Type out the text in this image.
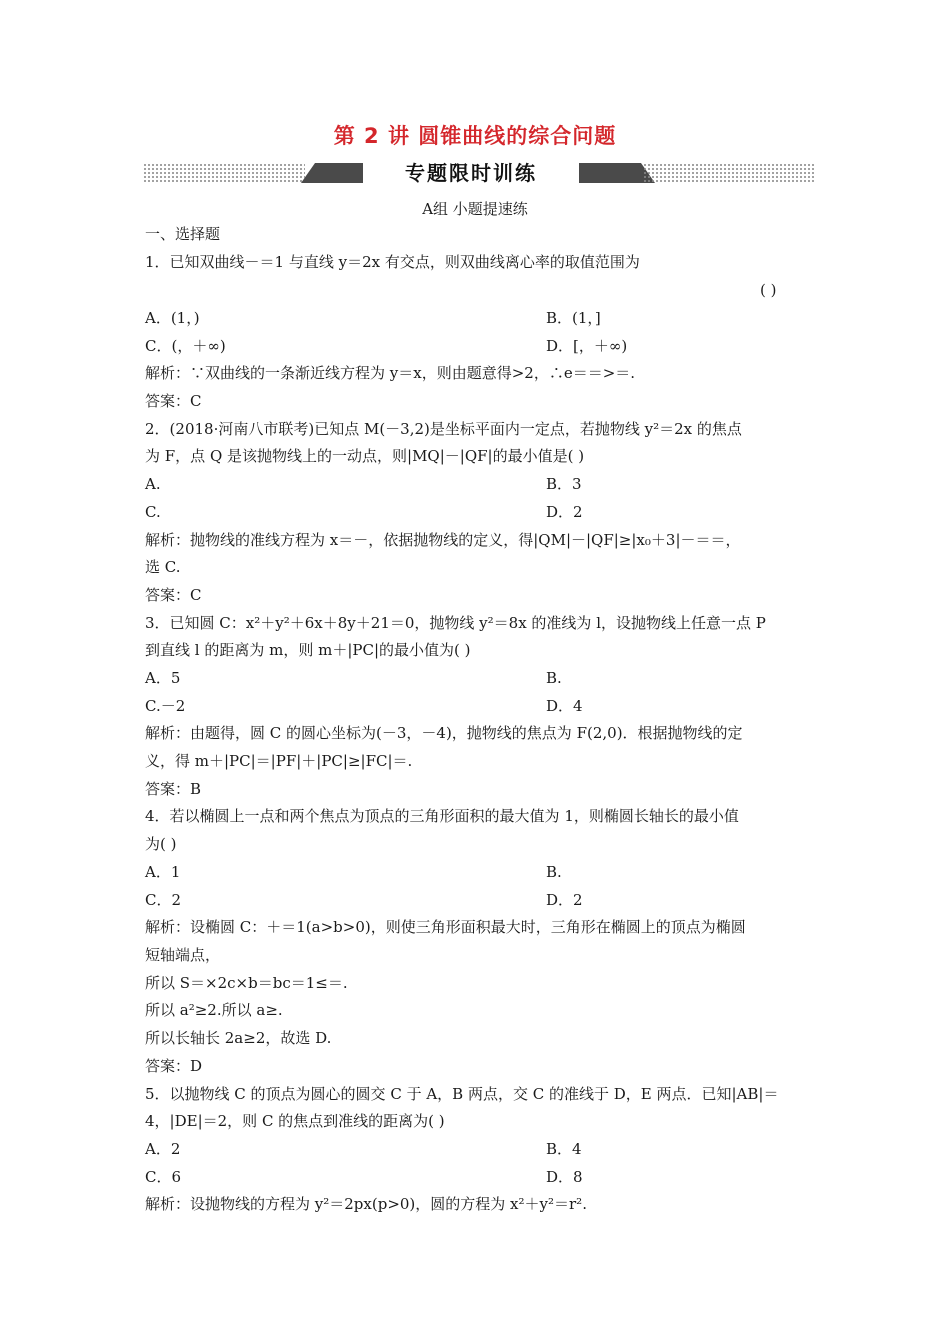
第 2 讲 圆锥曲线的综合问题
专题限时训练
A组 小题提速练
一、选择题
1．已知双曲线－＝1 与直线 y＝2x 有交点，则双曲线离心率的取值范围为
A．(1，)
C．(，＋∞)
解析：∵双曲线的一条渐近线方程为 y＝x，则由题意得>2，∴e＝＝>＝.
答案：C
2．(2018·河南八市联考)已知点 M(－3,2)是坐标平面内一定点，若抛物线 y²＝2x 的焦点
为 F，点 Q 是该抛物线上的一动点，则|MQ|－|QF|的最小值是( )
A.
C.
解析：抛物线的准线方程为 x＝－，依据抛物线的定义，得|QM|－|QF|≥|x₀＋3|－＝＝，
选 C.
答案：C
3．已知圆 C：x²＋y²＋6x＋8y＋21＝0，抛物线 y²＝8x 的准线为 l，设抛物线上任意一点 P
到直线 l 的距离为 m，则 m＋|PC|的最小值为( )
A．5
C.－2
解析：由题得，圆 C 的圆心坐标为(－3，－4)，抛物线的焦点为 F(2,0)．根据抛物线的定
义，得 m＋|PC|＝|PF|＋|PC|≥|FC|＝.
答案：B
4．若以椭圆上一点和两个焦点为顶点的三角形面积的最大值为 1，则椭圆长轴长的最小值
为( )
A．1
C．2
解析：设椭圆 C：＋＝1(a>b>0)，则使三角形面积最大时，三角形在椭圆上的顶点为椭圆
短轴端点，
所以 S＝×2c×b＝bc＝1≤＝.
所以 a²≥2.所以 a≥.
所以长轴长 2a≥2，故选 D.
答案：D
5．以抛物线 C 的顶点为圆心的圆交 C 于 A，B 两点，交 C 的准线于 D，E 两点．已知|AB|＝
4，|DE|＝2，则 C 的焦点到准线的距离为( )
A．2
C．6
解析：设抛物线的方程为 y²＝2px(p>0)，圆的方程为 x²＋y²＝r².
( )
B．(1，]
D．[，＋∞)
B．3
D．2
B.
D．4
B.
D．2
B．4
D．8
